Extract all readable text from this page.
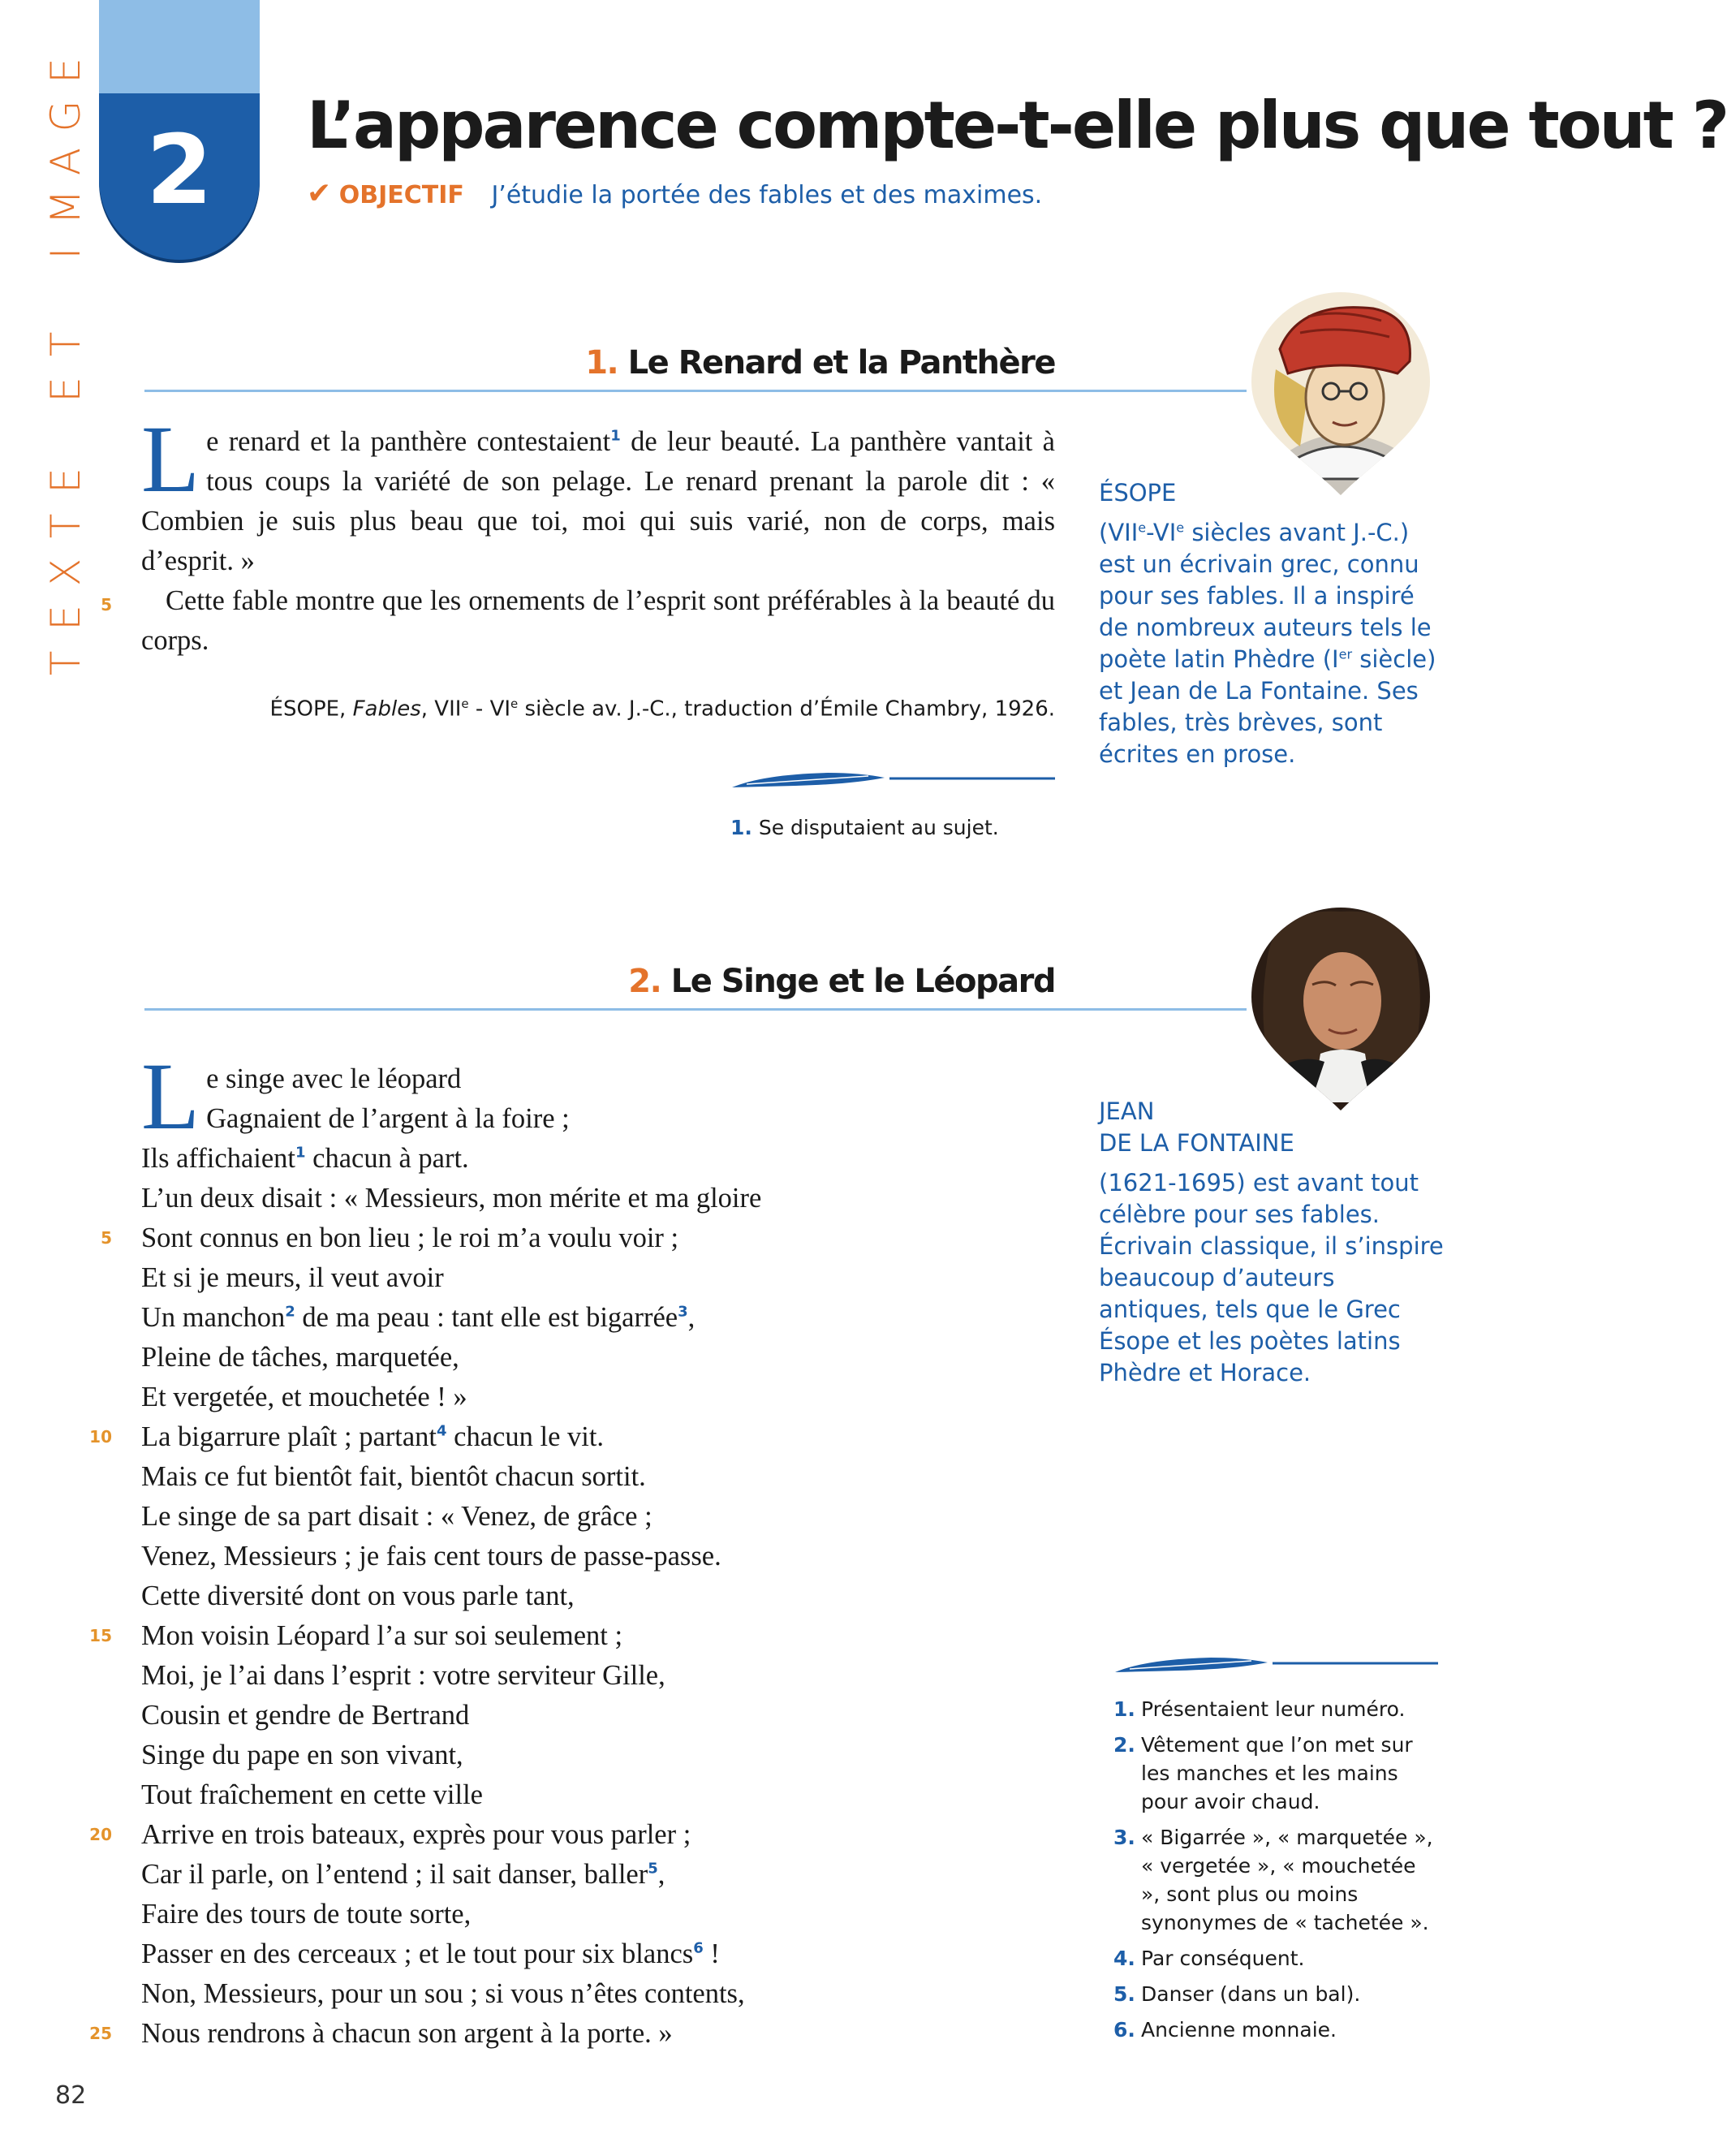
E
G
A
M
I

T
E

E
T
X
E
T
2	L’apparence compte-t-elle plus que tout ?
✔ OBJECTIF J’étudie la portée des fables et des maximes.
1. Le Renard et la Panthère
Le renard et la panthère contestaient$^1$ de leur beauté. La panthère vantait à tous coups la variété de son pelage. Le renard prenant la parole dit : « Combien je suis plus beau que toi, moi qui suis varié, non de corps, mais d’esprit. »
Cette fable montre que les ornements de l’esprit sont préférables à la beauté du corps.
5
ÉSOPE, Fables, VIIe - VIe siècle av. J.-C., traduction d’Émile Chambry, 1926.
1. Se disputaient au sujet.
ÉSOPE
(VIIe-VIe siècles avant J.-C.) est un écrivain grec, connu pour ses fables. Il a inspiré de nombreux auteurs tels le poète latin Phèdre (Ier siècle) et Jean de La Fontaine. Ses fables, très brèves, sont écrites en prose.
2. Le Singe et le Léopard
L e singe avec le léopard
Gagnaient de l’argent à la foire ;
Ils affichaient$^1$ chacun à part.
L’un deux disait : « Messieurs, mon mérite et ma gloire
Sont connus en bon lieu ; le roi m’a voulu voir ;
Et si je meurs, il veut avoir
Un manchon$^2$ de ma peau : tant elle est bigarrée$^3$,
Pleine de tâches, marquetée,
Et vergetée, et mouchetée ! »
La bigarrure plaît ; partant$^4$ chacun le vit.
Mais ce fut bientôt fait, bientôt chacun sortit.
Le singe de sa part disait : « Venez, de grâce ;
Venez, Messieurs ; je fais cent tours de passe-passe.
Cette diversité dont on vous parle tant,
Mon voisin Léopard l’a sur soi seulement ;
Moi, je l’ai dans l’esprit : votre serviteur Gille,
Cousin et gendre de Bertrand
Singe du pape en son vivant,
Tout fraîchement en cette ville
Arrive en trois bateaux, exprès pour vous parler ;
Car il parle, on l’entend ; il sait danser, baller$^5$,
Faire des tours de toute sorte,
Passer en des cerceaux ; et le tout pour six blancs$^6$ !
Non, Messieurs, pour un sou ; si vous n’êtes contents,
Nous rendrons à chacun son argent à la porte. »
5
10
15
20
25
JEAN
DE LA FONTAINE
(1621-1695) est avant tout célèbre pour ses fables. Écrivain classique, il s’inspire beaucoup d’auteurs antiques, tels que le Grec Ésope et les poètes latins Phèdre et Horace.
1. Présentaient leur numéro.
2. Vêtement que l’on met sur les manches et les mains pour avoir chaud.
3. « Bigarrée », « marquetée », « vergetée », « mouchetée », sont plus ou moins synonymes de « tachetée ».
4. Par conséquent.
5. Danser (dans un bal).
6. Ancienne monnaie.
82
